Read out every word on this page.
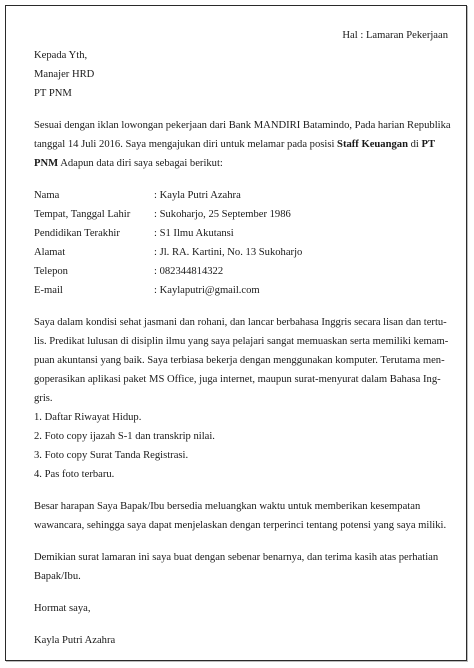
Hal : Lamaran Pekerjaan
Kepada Yth,
Manajer HRD
PT PNM
Sesuai dengan iklan lowongan pekerjaan dari Bank MANDIRI Batamindo, Pada harian Republika
tanggal 14 Juli 2016. Saya mengajukan diri untuk melamar pada posisi Staff Keuangan di PT
PNM Adapun data diri saya sebagai berikut:
Nama	: Kayla Putri Azahra
Tempat, Tanggal Lahir : Sukoharjo, 25 September 1986
Pendidikan Terakhir	: S1 Ilmu Akutansi
Alamat	: Jl. RA. Kartini, No. 13 Sukoharjo
Telepon	: 082344814322
E-mail	: Kaylaputri@gmail.com
Saya dalam kondisi sehat jasmani dan rohani, dan lancar berbahasa Inggris secara lisan dan tertu-
lis. Predikat lulusan di disiplin ilmu yang saya pelajari sangat memuaskan serta memiliki kemam-
puan akuntansi yang baik. Saya terbiasa bekerja dengan menggunakan komputer. Terutama men-
goperasikan aplikasi paket MS Office, juga internet, maupun surat-menyurat dalam Bahasa Ing-
gris.
1. Daftar Riwayat Hidup.
2. Foto copy ijazah S-1 dan transkrip nilai.
3. Foto copy Surat Tanda Registrasi.
4. Pas foto terbaru.
Besar harapan Saya Bapak/Ibu bersedia meluangkan waktu untuk memberikan kesempatan
wawancara, sehingga saya dapat menjelaskan dengan terperinci tentang potensi yang saya miliki.
Demikian surat lamaran ini saya buat dengan sebenar benarnya, dan terima kasih atas perhatian
Bapak/Ibu.
Hormat saya,
Kayla Putri Azahra
